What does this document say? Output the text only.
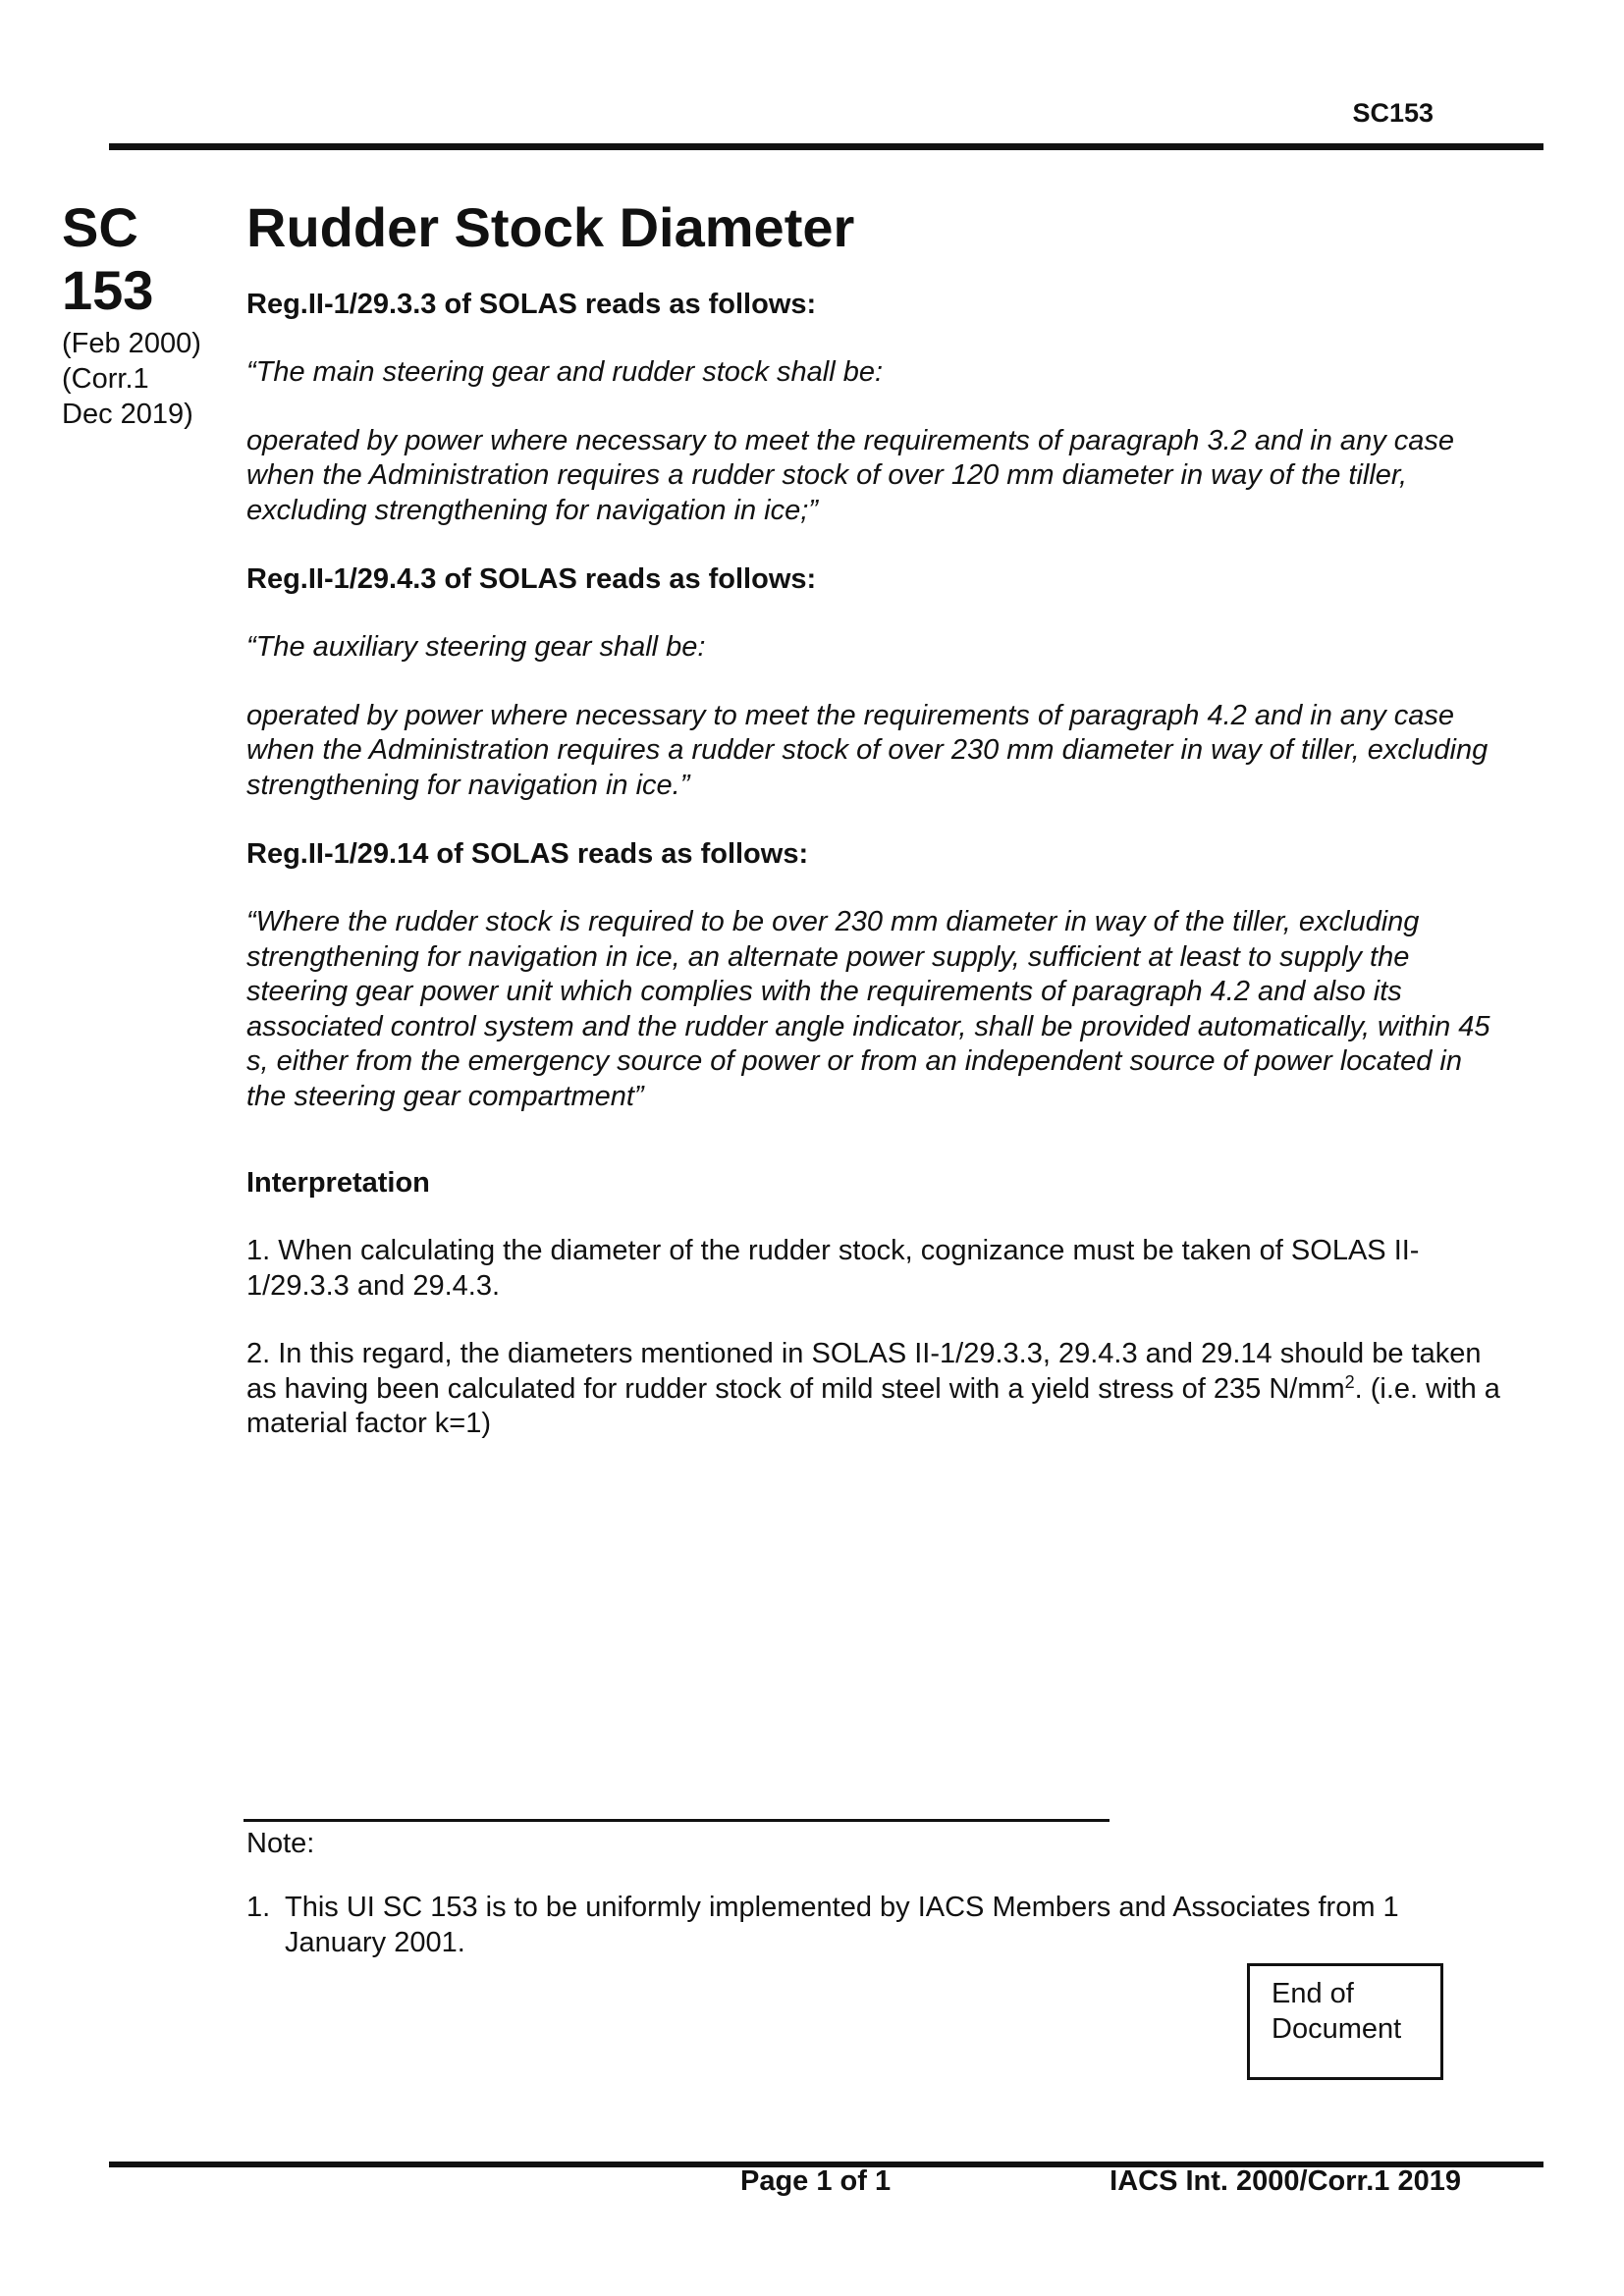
SC153
SC
153
(Feb 2000)
(Corr.1
Dec 2019)
Rudder Stock Diameter
Reg.II-1/29.3.3 of SOLAS reads as follows:
“The main steering gear and rudder stock shall be:
operated by power where necessary to meet the requirements of paragraph 3.2 and in any case when the Administration requires a rudder stock of over 120 mm diameter in way of the tiller, excluding strengthening for navigation in ice;”
Reg.II-1/29.4.3 of SOLAS reads as follows:
“The auxiliary steering gear shall be:
operated by power where necessary to meet the requirements of paragraph 4.2 and in any case when the Administration requires a rudder stock of over 230 mm diameter in way of tiller, excluding strengthening for navigation in ice.”
Reg.II-1/29.14 of SOLAS reads as follows:
“Where the rudder stock is required to be over 230 mm diameter in way of the tiller, excluding strengthening for navigation in ice, an alternate power supply, sufficient at least to supply the steering gear power unit which complies with the requirements of paragraph 4.2 and also its associated control system and the rudder angle indicator, shall be provided automatically, within 45 s, either from the emergency source of power or from an independent source of power located in the steering gear compartment”
Interpretation
1. When calculating the diameter of the rudder stock, cognizance must be taken of SOLAS II-1/29.3.3 and 29.4.3.
2. In this regard, the diameters mentioned in SOLAS II-1/29.3.3, 29.4.3 and 29.14 should be taken as having been calculated for rudder stock of mild steel with a yield stress of 235 $N/mm^2$. (i.e. with a material factor k=1)
Note:
1. This UI SC 153 is to be uniformly implemented by IACS Members and Associates from 1 January 2001.
End of
Document
Page 1 of 1	IACS Int. 2000/Corr.1 2019
